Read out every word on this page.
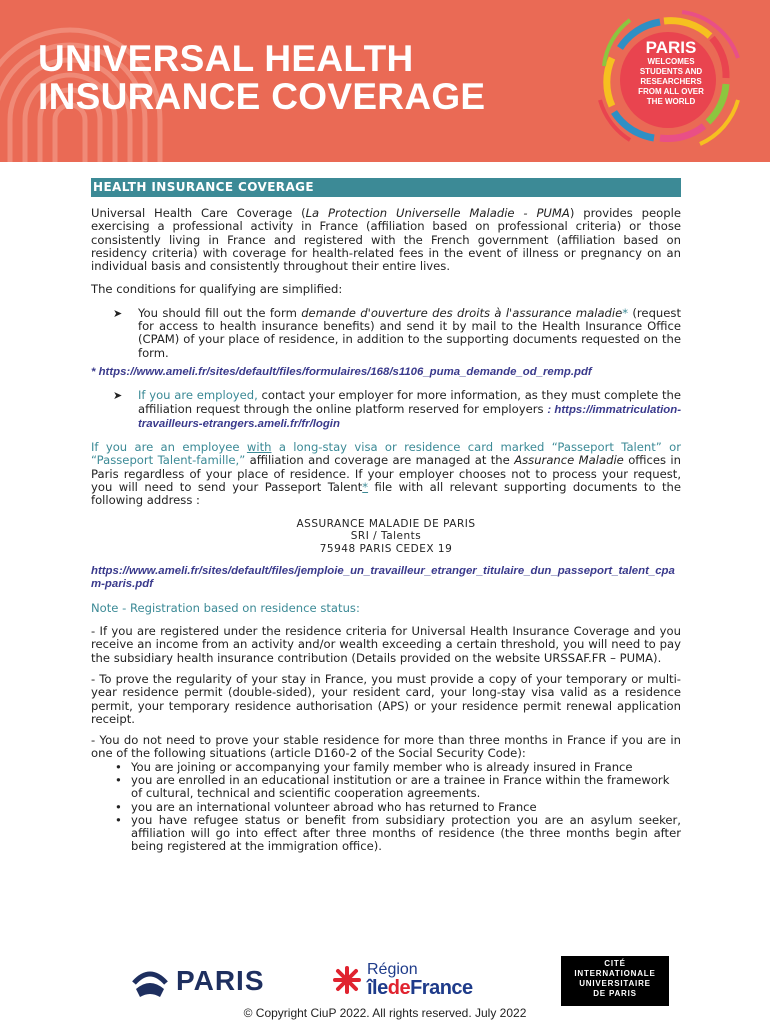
UNIVERSAL HEALTH
INSURANCE COVERAGE
PARIS
WELCOMES
STUDENTS AND
RESEARCHERS
FROM ALL OVER
THE WORLD
HEALTH INSURANCE COVERAGE

Universal Health Care Coverage (La Protection Universelle Maladie - PUMA) provides people exercising a professional activity in France (affiliation based on professional criteria) or those consistently living in France and registered with the French government (affiliation based on residency criteria) with coverage for health-related fees in the event of illness or pregnancy on an individual basis and consistently throughout their entire lives.

The conditions for qualifying are simplified:

➤ You should fill out the form demande d'ouverture des droits à l'assurance maladie* (request for access to health insurance benefits) and send it by mail to the Health Insurance Office (CPAM) of your place of residence, in addition to the supporting documents requested on the form.

* https://www.ameli.fr/sites/default/files/formulaires/168/s1106_puma_demande_od_remp.pdf

➤ If you are employed, contact your employer for more information, as they must complete the affiliation request through the online platform reserved for employers : https://immatriculation-travailleurs-etrangers.ameli.fr/fr/login

If you are an employee with a long-stay visa or residence card marked “Passeport Talent” or “Passeport Talent-famille,” affiliation and coverage are managed at the Assurance Maladie offices in Paris regardless of your place of residence. If your employer chooses not to process your request, you will need to send your Passeport Talent* file with all relevant supporting documents to the following address :

ASSURANCE MALADIE DE PARIS
SRI / Talents
75948 PARIS CEDEX 19

https://www.ameli.fr/sites/default/files/jemploie_un_travailleur_etranger_titulaire_dun_passeport_talent_cpam-paris.pdf

Note - Registration based on residence status:

- If you are registered under the residence criteria for Universal Health Insurance Coverage and you receive an income from an activity and/or wealth exceeding a certain threshold, you will need to pay the subsidiary health insurance contribution (Details provided on the website URSSAF.FR – PUMA).

- To prove the regularity of your stay in France, you must provide a copy of your temporary or multi-year residence permit (double-sided), your resident card, your long-stay visa valid as a residence permit, your temporary residence authorisation (APS) or your residence permit renewal application receipt.

- You do not need to prove your stable residence for more than three months in France if you are in one of the following situations (article D160-2 of the Social Security Code):

• You are joining or accompanying your family member who is already insured in France
• you are enrolled in an educational institution or are a trainee in France within the framework of cultural, technical and scientific cooperation agreements.
• you are an international volunteer abroad who has returned to France
• you have refugee status or benefit from subsidiary protection you are an asylum seeker, affiliation will go into effect after three months of residence (the three months begin after being registered at the immigration office).
PARIS	Région
îledeFrance
CITÉ
INTERNATIONALE
UNIVERSITAIRE
DE PARIS
© Copyright CiuP 2022. All rights reserved. July 2022
